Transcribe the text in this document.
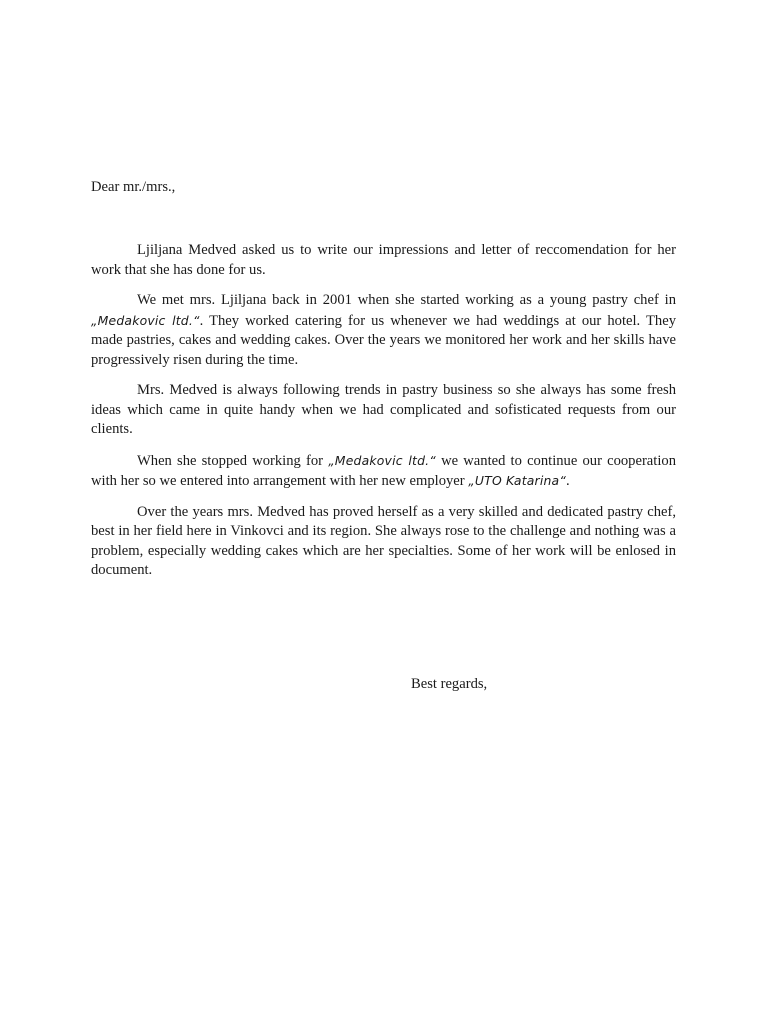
Dear mr./mrs.,

Ljiljana Medved asked us to write our impressions and letter of reccomendation for her work that she has done for us.

We met mrs. Ljiljana back in 2001 when she started working as a young pastry chef in „Medakovic ltd.“. They worked catering for us whenever we had weddings at our hotel. They made pastries, cakes and wedding cakes. Over the years we monitored her work and her skills have progressively risen during the time.

Mrs. Medved is always following trends in pastry business so she always has some fresh ideas which came in quite handy when we had complicated and sofisticated requests from our clients.

When she stopped working for „Medakovic ltd.“ we wanted to continue our cooperation with her so we entered into arrangement with her new employer „UTO Katarina“.

Over the years mrs. Medved has proved herself as a very skilled and dedicated pastry chef, best in her field here in Vinkovci and its region. She always rose to the challenge and nothing was a problem, especially wedding cakes which are her specialties. Some of her work will be enlosed in document.

Best regards,
